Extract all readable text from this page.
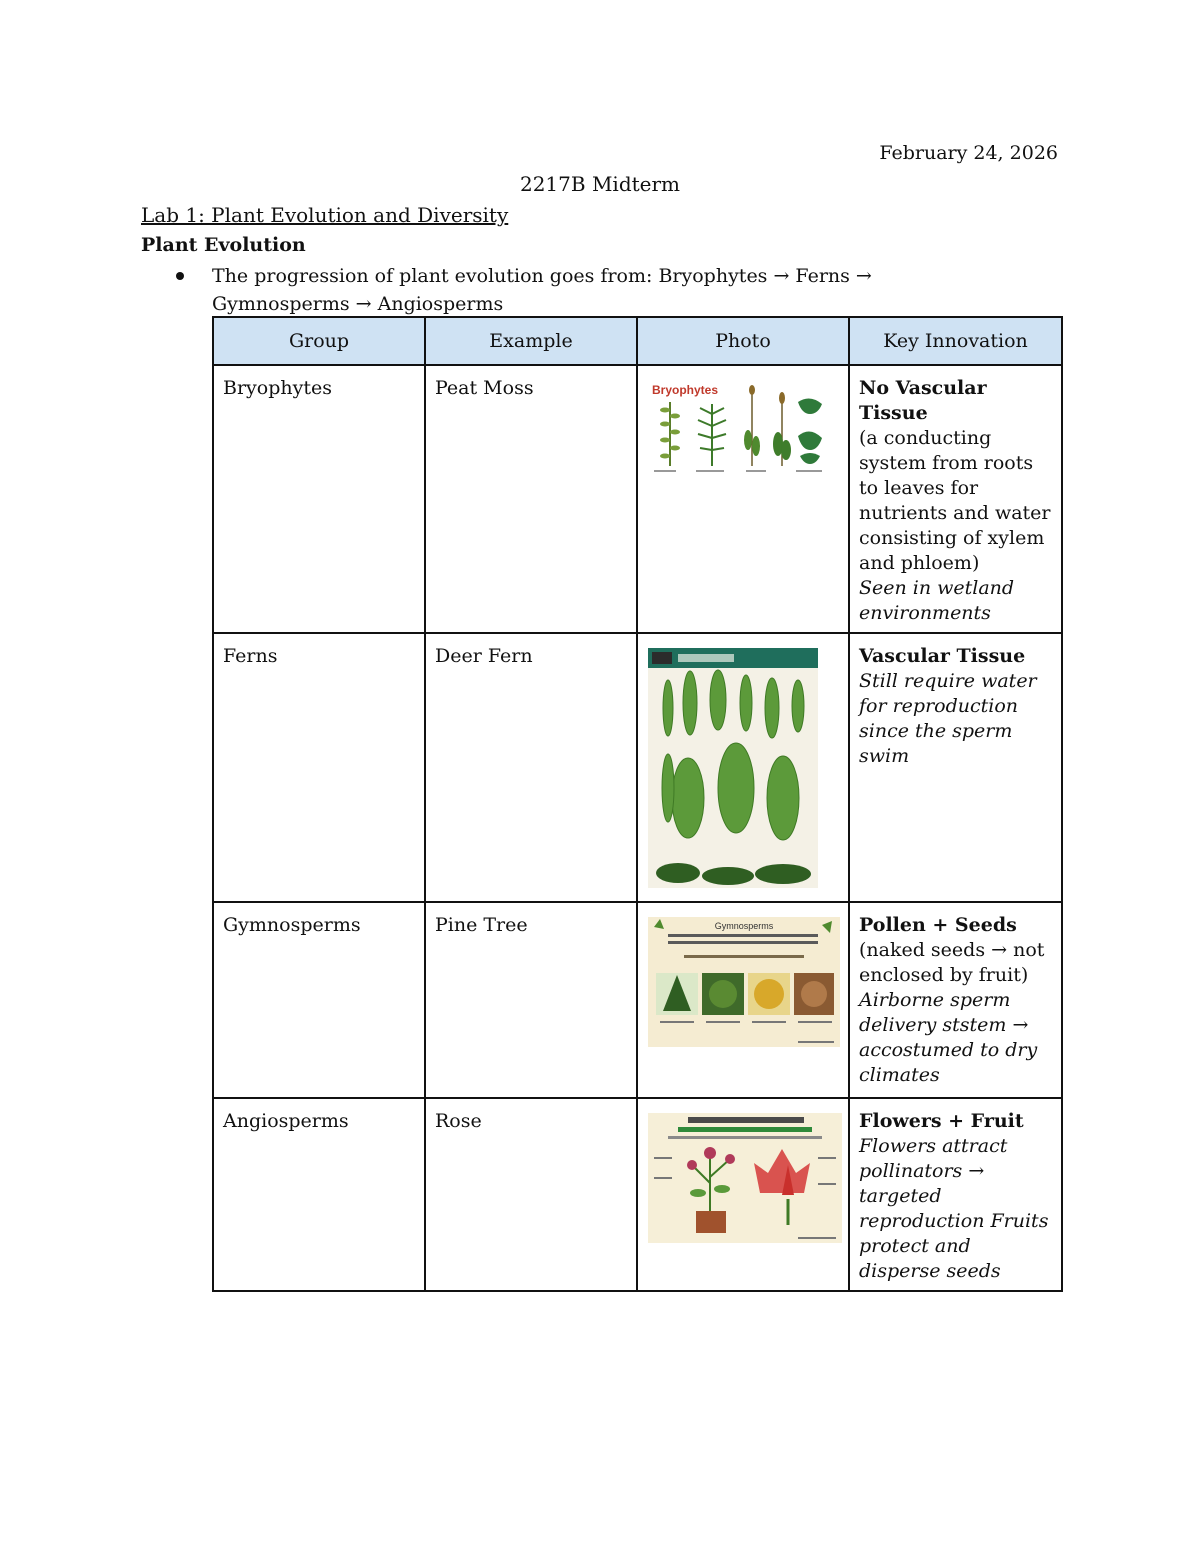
February 24, 2026
2217B Midterm
Lab 1: Plant Evolution and Diversity
Plant Evolution
The progression of plant evolution goes from: Bryophytes → Ferns → Gymnosperms → Angiosperms
Group	Example	Photo	Key Innovation
Bryophytes	Peat Moss	Bryophytes	No Vascular Tissue
(a conducting system from roots to leaves for nutrients and water consisting of xylem and phloem)
Seen in wetland environments

Ferns	Deer Fern		Vascular Tissue
Still require water for reproduction since the sperm swim

Gymnosperms	Pine Tree	Gymnosperms	Pollen + Seeds
(naked seeds → not enclosed by fruit)
Airborne sperm delivery ststem → accostumed to dry climates

Angiosperms	Rose		Flowers + Fruit
Flowers attract pollinators → targeted reproduction Fruits protect and disperse seeds
